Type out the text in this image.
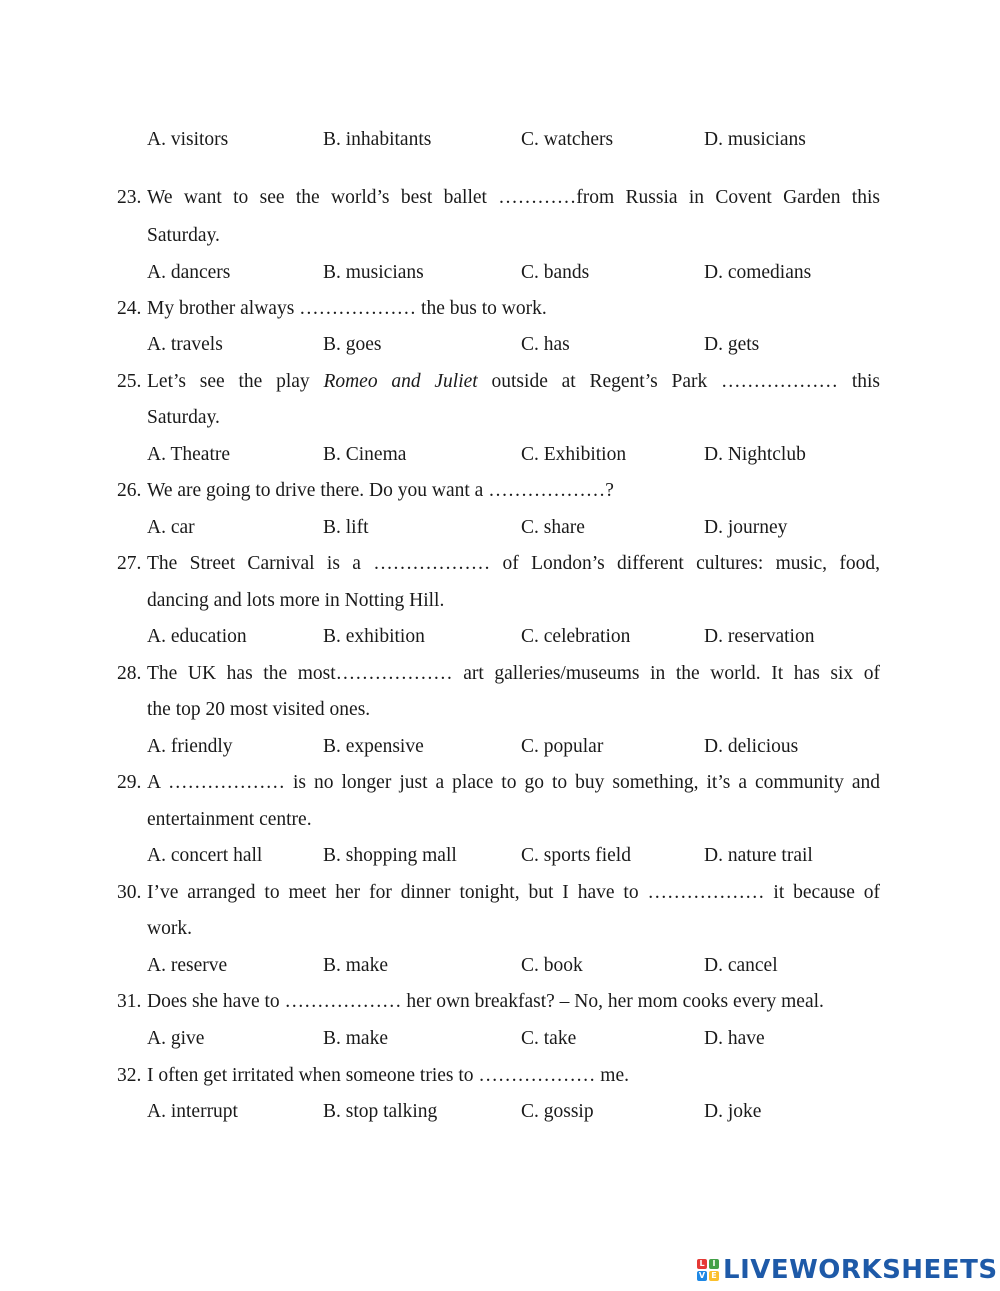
A. visitors	B. inhabitants	C. watchers	D. musicians
23. We want to see the world’s best ballet …………from Russia in Covent Garden this
Saturday.
A. dancers	B. musicians	C. bands	D. comedians
24. My brother always ……………… the bus to work.
A. travels	B. goes	C. has	D. gets
25. Let’s see the play Romeo and Juliet outside at Regent’s Park ……………… this
Saturday.
A. Theatre	B. Cinema	C. Exhibition	D. Nightclub
26. We are going to drive there. Do you want a ………………?
A. car	B. lift	C. share	D. journey
27. The Street Carnival is a ……………… of London’s different cultures: music, food,
dancing and lots more in Notting Hill.
A. education	B. exhibition	C. celebration	D. reservation
28. The UK has the most……………… art galleries/museums in the world. It has six of
the top 20 most visited ones.
A. friendly	B. expensive	C. popular	D. delicious
29. A ……………… is no longer just a place to go to buy something, it’s a community and
entertainment centre.
A. concert hall	B. shopping mall	C. sports field	D. nature trail
30. I’ve arranged to meet her for dinner tonight, but I have to ……………… it because of
work.
A. reserve	B. make	C. book	D. cancel
31. Does she have to ……………… her own breakfast? – No, her mom cooks every meal.
A. give	B. make	C. take	D. have
32. I often get irritated when someone tries to ……………… me.
A. interrupt	B. stop talking	C. gossip	D. joke
L I
V E LIVEWORKSHEETS
